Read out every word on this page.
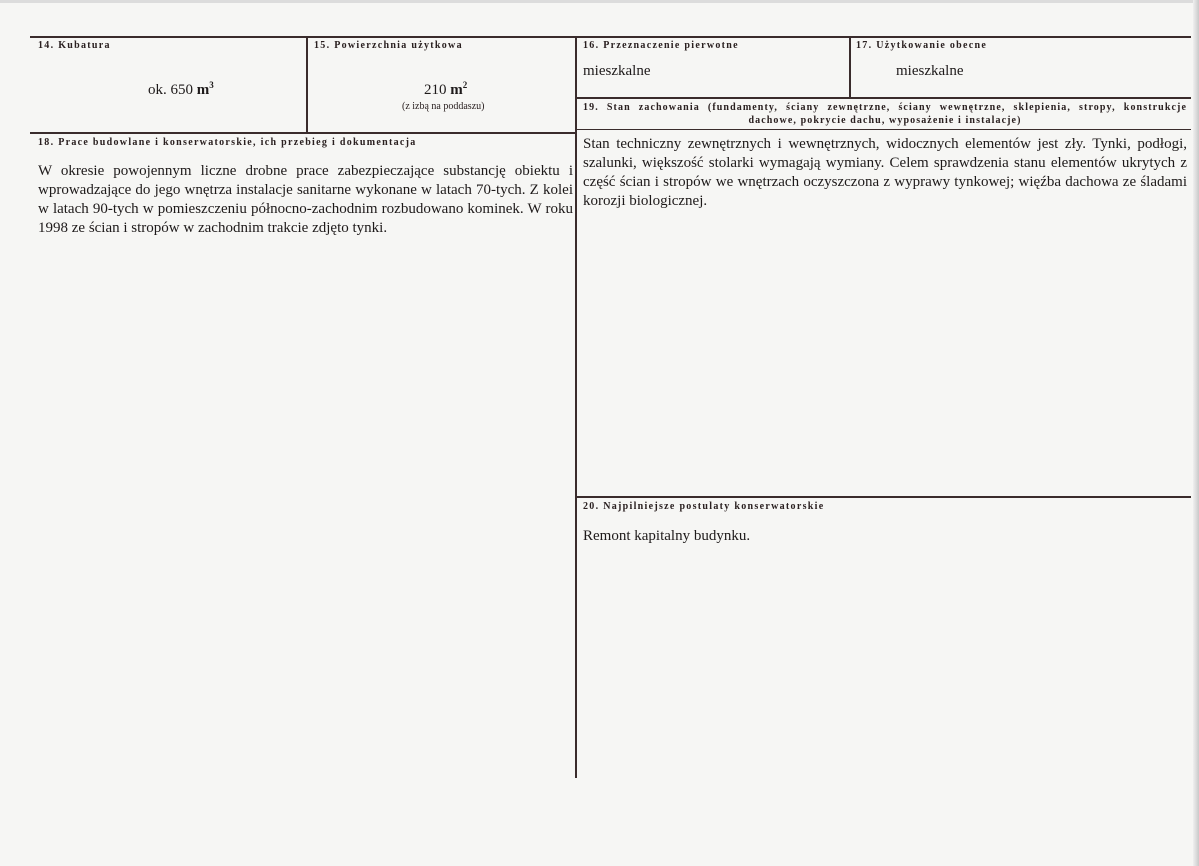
14. Kubatura
ok. 650 $m^3$
15. Powierzchnia użytkowa
210 $m^2$
(z izbą na poddaszu)
16. Przeznaczenie pierwotne
mieszkalne
17. Użytkowanie obecne
mieszkalne
18. Prace budowlane i konserwatorskie, ich przebieg i dokumentacja
W okresie powojennym liczne drobne prace zabezpieczające substancję obiektu i wprowadzające do jego wnętrza instalacje sanitarne wykonane w latach 70-tych. Z kolei w latach 90-tych w pomieszczeniu północno-zachodnim rozbudowano kominek. W roku 1998 ze ścian i stropów w zachodnim trakcie zdjęto tynki.
19. Stan zachowania (fundamenty, ściany zewnętrzne, ściany wewnętrzne, sklepienia, stropy, konstrukcje dachowe, pokrycie dachu, wyposażenie i instalacje)
Stan techniczny zewnętrznych i wewnętrznych, widocznych elementów jest zły. Tynki, podłogi, szalunki, większość stolarki wymagają wymiany. Celem sprawdzenia stanu elementów ukrytych z część ścian i stropów we wnętrzach oczyszczona z wyprawy tynkowej; więźba dachowa ze śladami korozji biologicznej.
20. Najpilniejsze postulaty konserwatorskie
Remont kapitalny budynku.
